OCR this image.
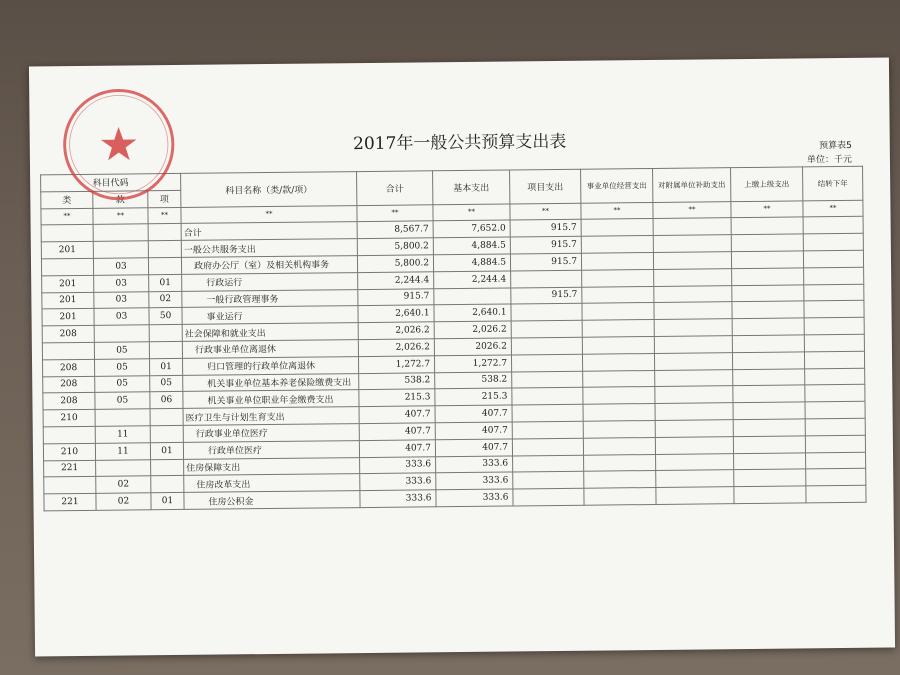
2017年一般公共预算支出表	预算表5
单位：千元
科目代码			科目名称（类/款/项）	合计	基本支出	项目支出	事业单位经营支出	对附属单位补助支出	上缴上级支出	结转下年
类	款	项								
**	**	**	**	**	**	**	**	**	**	**
			合计	8,567.7	7,652.0	915.7				
201			一般公共服务支出	5,800.2	4,884.5	915.7				
	03		政府办公厅（室）及相关机构事务	5,800.2	4,884.5	915.7				
201	03	01	行政运行	2,244.4	2,244.4					
201	03	02	一般行政管理事务	915.7		915.7				
201	03	50	事业运行	2,640.1	2,640.1					
208			社会保障和就业支出	2,026.2	2,026.2					
	05		行政事业单位离退休	2,026.2	2026.2					
208	05	01	归口管理的行政单位离退休	1,272.7	1,272.7					
208	05	05	机关事业单位基本养老保险缴费支出	538.2	538.2					
208	05	06	机关事业单位职业年金缴费支出	215.3	215.3					
210			医疗卫生与计划生育支出	407.7	407.7					
	11		行政事业单位医疗	407.7	407.7					
210	11	01	行政单位医疗	407.7	407.7					
221			住房保障支出	333.6	333.6					
	02		住房改革支出	333.6	333.6					
221	02	01	住房公积金	333.6	333.6					
